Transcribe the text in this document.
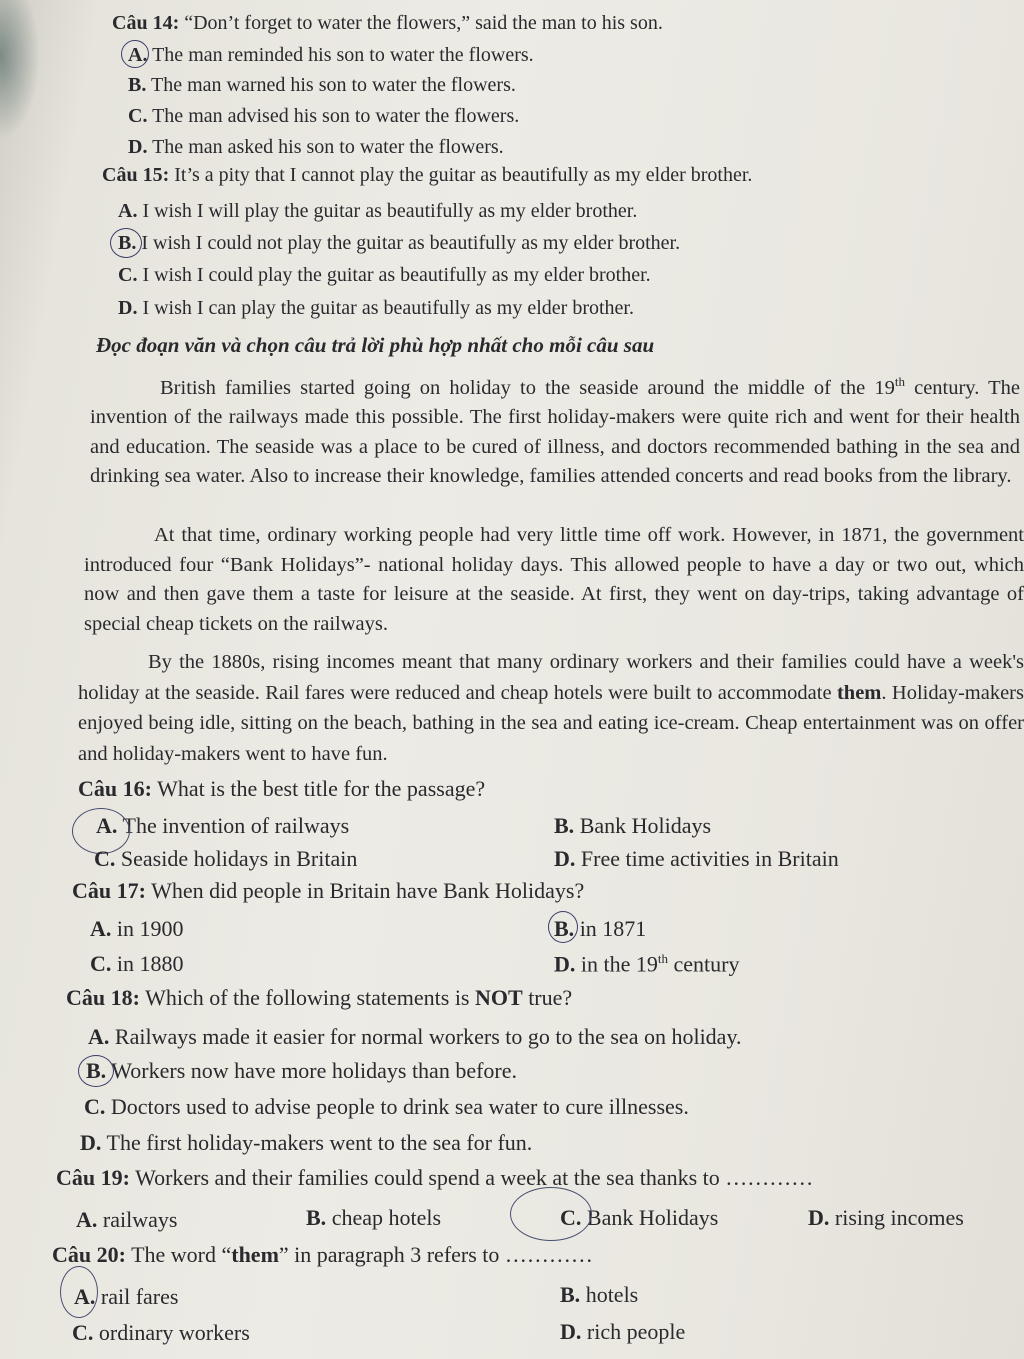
Câu 14: “Don’t forget to water the flowers,” said the man to his son.
A. The man reminded his son to water the flowers.
B. The man warned his son to water the flowers.
C. The man advised his son to water the flowers.
D. The man asked his son to water the flowers.
Câu 15: It’s a pity that I cannot play the guitar as beautifully as my elder brother.
A. I wish I will play the guitar as beautifully as my elder brother.
B. I wish I could not play the guitar as beautifully as my elder brother.
C. I wish I could play the guitar as beautifully as my elder brother.
D. I wish I can play the guitar as beautifully as my elder brother.
Đọc đoạn văn và chọn câu trả lời phù hợp nhất cho mỗi câu sau

British families started going on holiday to the seaside around the middle of the 19th century. The invention of the railways made this possible. The first holiday-makers were quite rich and went for their health and education. The seaside was a place to be cured of illness, and doctors recommended bathing in the sea and drinking sea water. Also to increase their knowledge, families attended concerts and read books from the library.

At that time, ordinary working people had very little time off work. However, in 1871, the government introduced four “Bank Holidays”- national holiday days. This allowed people to have a day or two out, which now and then gave them a taste for leisure at the seaside. At first, they went on day-trips, taking advantage of special cheap tickets on the railways.

By the 1880s, rising incomes meant that many ordinary workers and their families could have a week's holiday at the seaside. Rail fares were reduced and cheap hotels were built to accommodate them. Holiday-makers enjoyed being idle, sitting on the beach, bathing in the sea and eating ice-cream. Cheap entertainment was on offer and holiday-makers went to have fun.

Câu 16: What is the best title for the passage?
A. The invention of railways	B. Bank Holidays
C. Seaside holidays in Britain	D. Free time activities in Britain
Câu 17: When did people in Britain have Bank Holidays?
A. in 1900	B. in 1871
C. in 1880	D. in the 19th century
Câu 18: Which of the following statements is NOT true?
A. Railways made it easier for normal workers to go to the sea on holiday.
B. Workers now have more holidays than before.
C. Doctors used to advise people to drink sea water to cure illnesses.
D. The first holiday-makers went to the sea for fun.
Câu 19: Workers and their families could spend a week at the sea thanks to …………
A. railways	B. cheap hotels	C. Bank Holidays	D. rising incomes
Câu 20: The word “them” in paragraph 3 refers to …………
A. rail fares	B. hotels
C. ordinary workers	D. rich people
